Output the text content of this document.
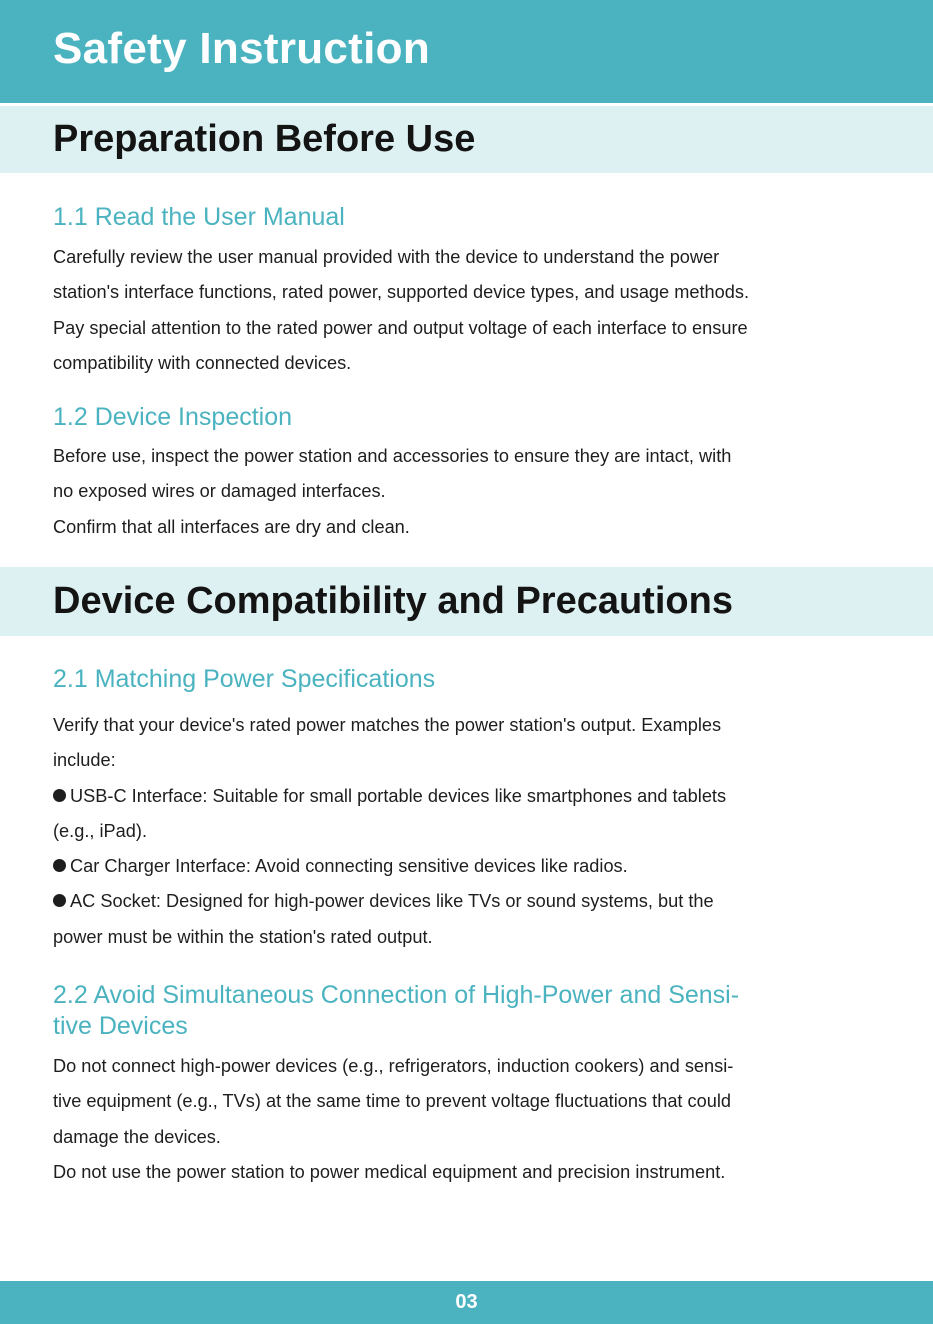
Safety Instruction
Preparation Before Use
1.1 Read the User Manual

Carefully review the user manual provided with the device to understand the power
station's interface functions, rated power, supported device types, and usage methods.
Pay special attention to the rated power and output voltage of each interface to ensure
compatibility with connected devices.

1.2 Device Inspection

Before use, inspect the power station and accessories to ensure they are intact, with
no exposed wires or damaged interfaces.
Confirm that all interfaces are dry and clean.

Device Compatibility and Precautions
2.1 Matching Power Specifications

Verify that your device's rated power matches the power station's output. Examples
include:
USB-C Interface: Suitable for small portable devices like smartphones and tablets
(e.g., iPad).
Car Charger Interface: Avoid connecting sensitive devices like radios.
AC Socket: Designed for high-power devices like TVs or sound systems, but the
power must be within the station's rated output.

2.2 Avoid Simultaneous Connection of High-Power and Sensi-
tive Devices

Do not connect high-power devices (e.g., refrigerators, induction cookers) and sensi-
tive equipment (e.g., TVs) at the same time to prevent voltage fluctuations that could
damage the devices.
Do not use the power station to power medical equipment and precision instrument.

03
